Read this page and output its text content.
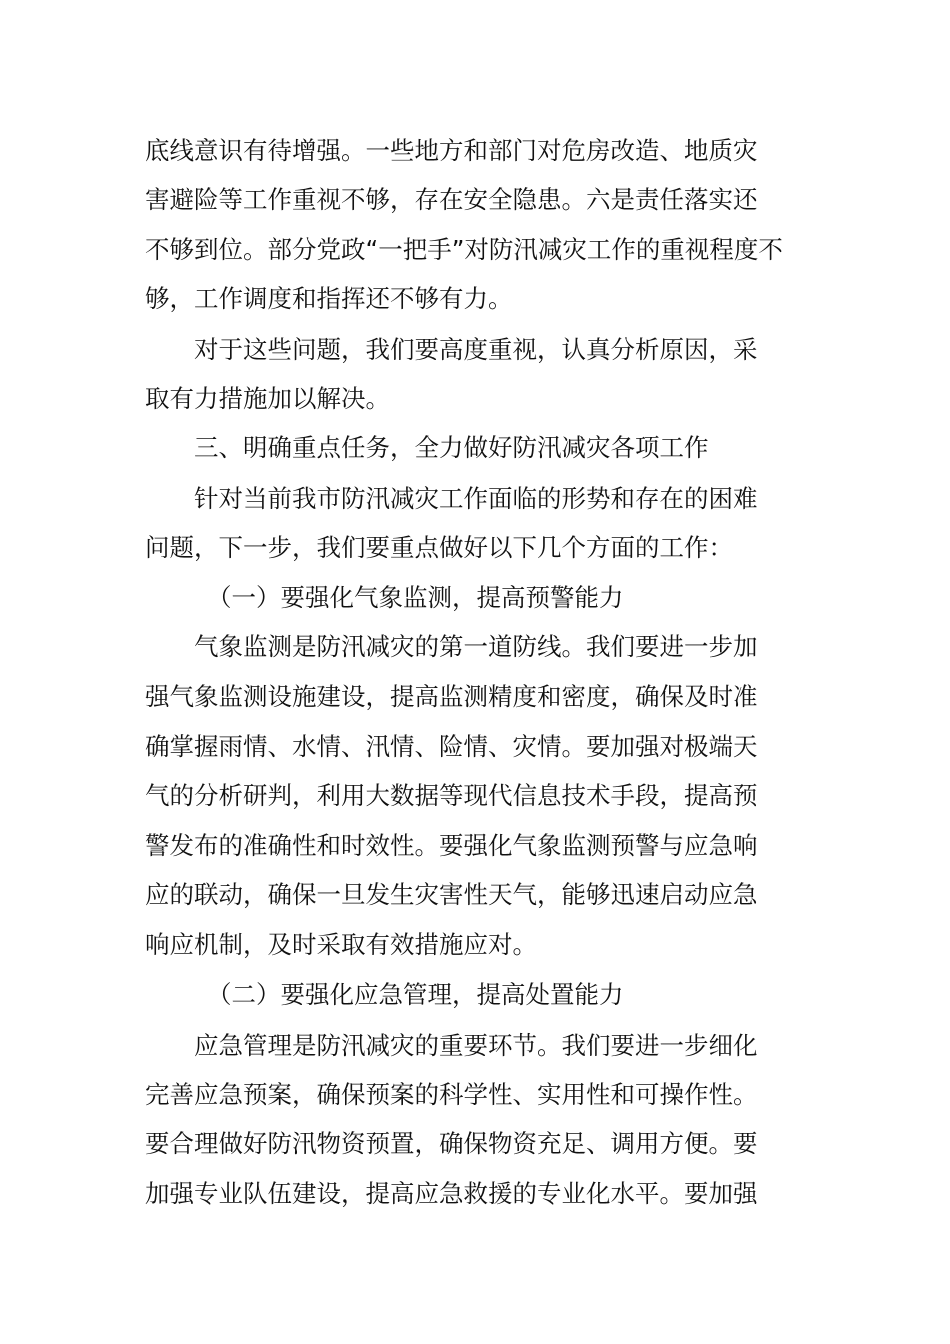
底线意识有待增强。一些地方和部门对危房改造、地质灾
害避险等工作重视不够，存在安全隐患。六是责任落实还
不够到位。部分党政“一把手”对防汛减灾工作的重视程度不
够，工作调度和指挥还不够有力。
对于这些问题，我们要高度重视，认真分析原因，采
取有力措施加以解决。
三、明确重点任务，全力做好防汛减灾各项工作
针对当前我市防汛减灾工作面临的形势和存在的困难
问题，下一步，我们要重点做好以下几个方面的工作：
（一）要强化气象监测，提高预警能力
气象监测是防汛减灾的第一道防线。我们要进一步加
强气象监测设施建设，提高监测精度和密度，确保及时准
确掌握雨情、水情、汛情、险情、灾情。要加强对极端天
气的分析研判，利用大数据等现代信息技术手段，提高预
警发布的准确性和时效性。要强化气象监测预警与应急响
应的联动，确保一旦发生灾害性天气，能够迅速启动应急
响应机制，及时采取有效措施应对。
（二）要强化应急管理，提高处置能力
应急管理是防汛减灾的重要环节。我们要进一步细化
完善应急预案，确保预案的科学性、实用性和可操作性。
要合理做好防汛物资预置，确保物资充足、调用方便。要
加强专业队伍建设，提高应急救援的专业化水平。要加强
